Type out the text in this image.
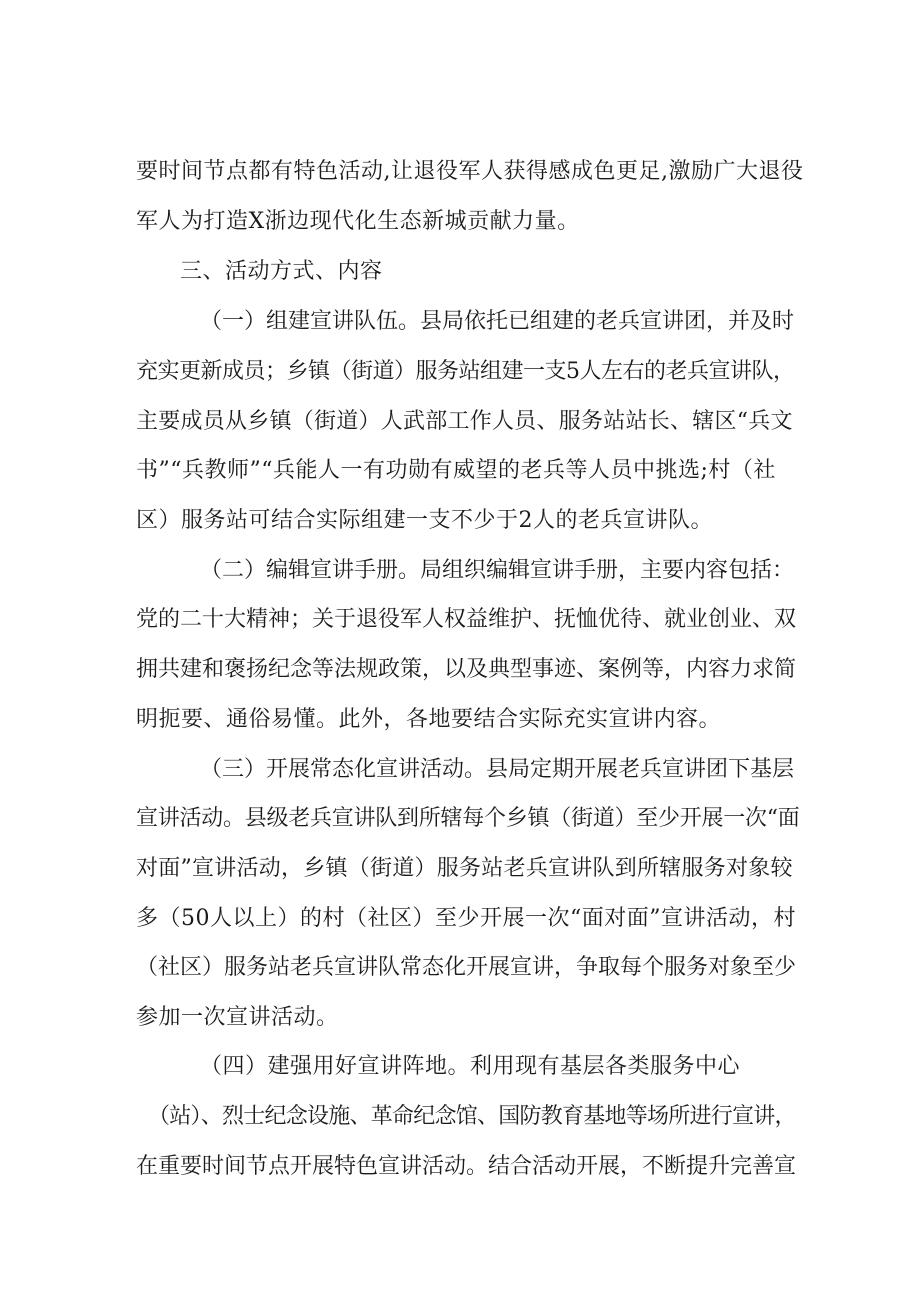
要时间节点都有特色活动,让退役军人获得感成色更足,激励广大退役
军人为打造X浙边现代化生态新城贡献力量。
三、活动方式、内容
（一）组建宣讲队伍。县局依托已组建的老兵宣讲团，并及时
充实更新成员；乡镇（街道）服务站组建一支5人左右的老兵宣讲队，
主要成员从乡镇（街道）人武部工作人员、服务站站长、辖区“兵文
书”“兵教师”“兵能人一有功勋有威望的老兵等人员中挑选;村（社
区）服务站可结合实际组建一支不少于2人的老兵宣讲队。
（二）编辑宣讲手册。局组织编辑宣讲手册，主要内容包括：
党的二十大精神；关于退役军人权益维护、抚恤优待、就业创业、双
拥共建和褒扬纪念等法规政策，以及典型事迹、案例等，内容力求简
明扼要、通俗易懂。此外，各地要结合实际充实宣讲内容。
（三）开展常态化宣讲活动。县局定期开展老兵宣讲团下基层
宣讲活动。县级老兵宣讲队到所辖每个乡镇（街道）至少开展一次“面
对面”宣讲活动，乡镇（街道）服务站老兵宣讲队到所辖服务对象较
多（50人以上）的村（社区）至少开展一次“面对面”宣讲活动，村
（社区）服务站老兵宣讲队常态化开展宣讲，争取每个服务对象至少
参加一次宣讲活动。
（四）建强用好宣讲阵地。利用现有基层各类服务中心
（站）、烈士纪念设施、革命纪念馆、国防教育基地等场所进行宣讲，
在重要时间节点开展特色宣讲活动。结合活动开展，不断提升完善宣
